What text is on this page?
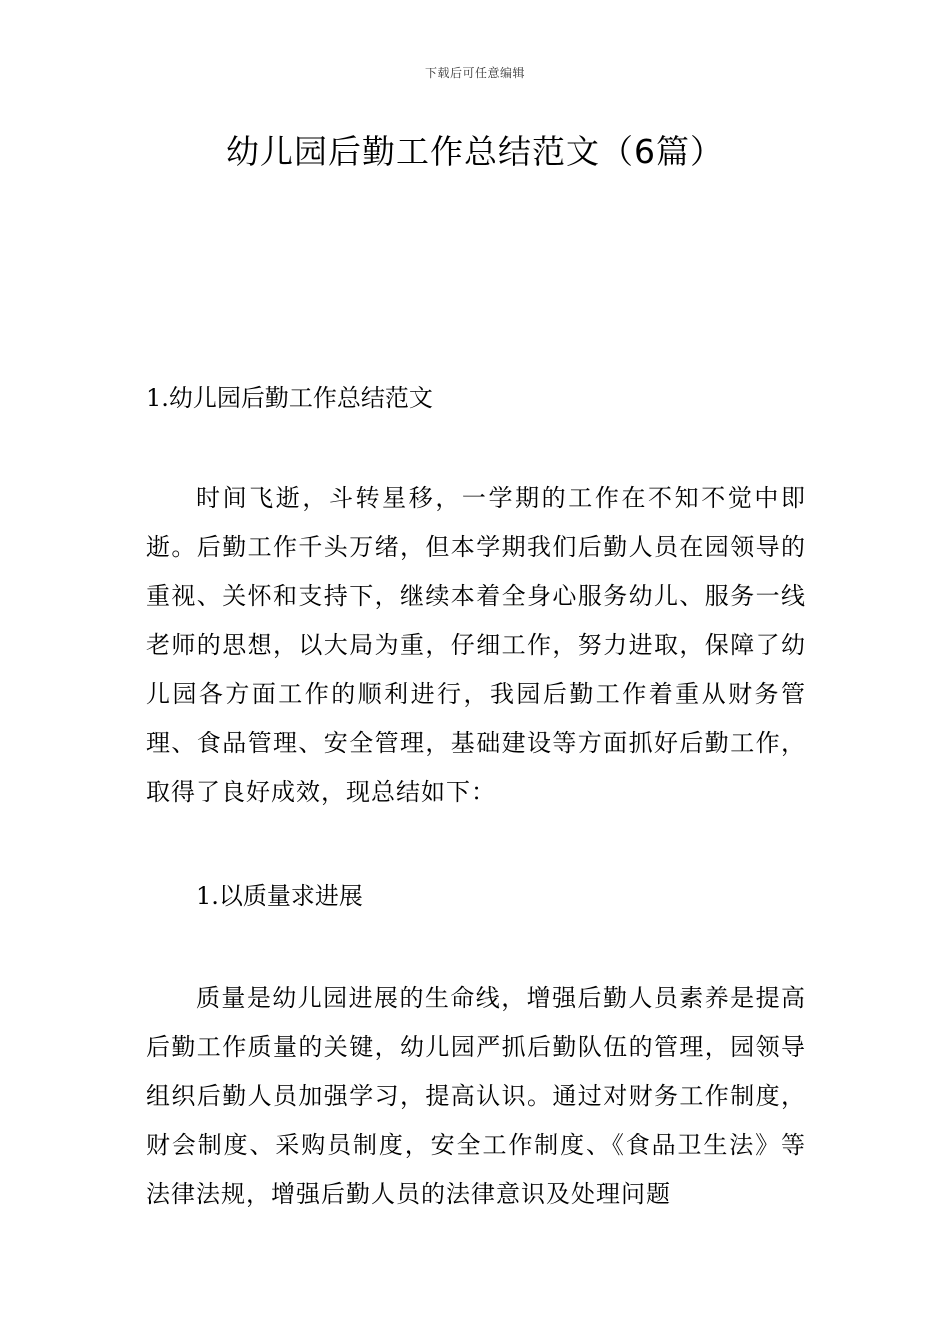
下载后可任意编辑
幼儿园后勤工作总结范文（6篇）
1.幼儿园后勤工作总结范文

时间飞逝，斗转星移，一学期的工作在不知不觉中即逝。后勤工作千头万绪，但本学期我们后勤人员在园领导的重视、关怀和支持下，继续本着全身心服务幼儿、服务一线老师的思想，以大局为重，仔细工作，努力进取，保障了幼儿园各方面工作的顺利进行，我园后勤工作着重从财务管理、食品管理、安全管理，基础建设等方面抓好后勤工作，取得了良好成效，现总结如下：

1.以质量求进展

质量是幼儿园进展的生命线，增强后勤人员素养是提高后勤工作质量的关键，幼儿园严抓后勤队伍的管理，园领导组织后勤人员加强学习，提高认识。通过对财务工作制度，财会制度、采购员制度，安全工作制度、《食品卫生法》等法律法规，增强后勤人员的法律意识及处理问题
